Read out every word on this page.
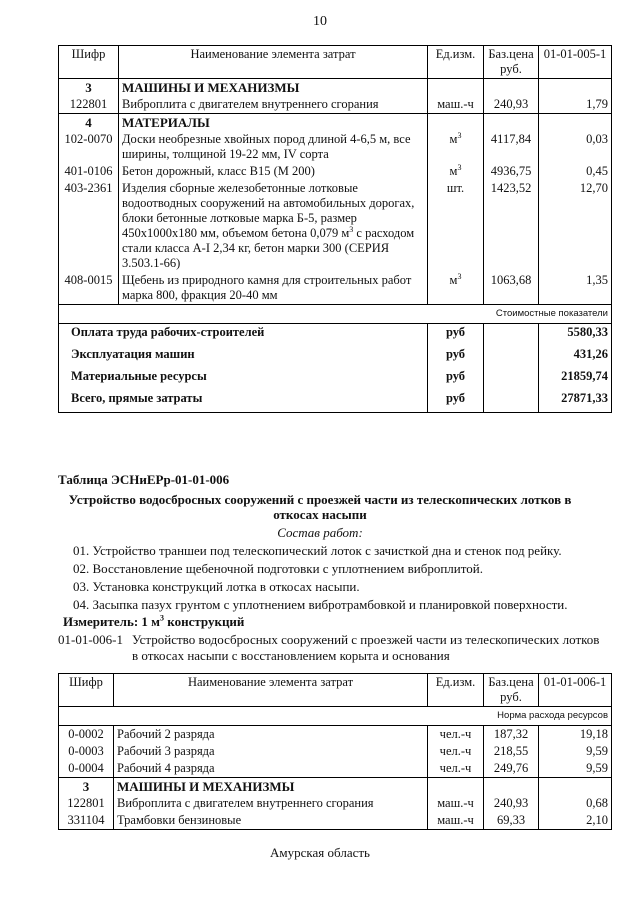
10
Шифр	Наименование элемента затрат	Ед.изм.	Баз.цена руб.	01-01-005-1
3	МАШИНЫ И МЕХАНИЗМЫ			
122801	Виброплита с двигателем внутреннего сгорания	маш.-ч	240,93	1,79
4	МАТЕРИАЛЫ			
102-0070	Доски необрезные хвойных пород длиной 4-6,5 м, все ширины, толщиной 19-22 мм, IV сорта	$м^3$	4117,84	0,03
401-0106	Бетон дорожный, класс В15 (М 200)	$м^3$	4936,75	0,45
403-2361	Изделия сборные железобетонные лотковые водоотводных сооружений на автомобильных дорогах, блоки бетонные лотковые марка Б-5, размер 450x1000x180 мм, объемом бетона 0,079 $м^3$ с расходом стали класса А-I 2,34 кг, бетон марки 300 (СЕРИЯ 3.503.1-66)	шт.	1423,52	12,70
408-0015	Щебень из природного камня для строительных работ марка 800, фракция 20-40 мм	$м^3$	1063,68	1,35
Стоимостные показатели				
Оплата труда рабочих-строителей		руб		5580,33
Эксплуатация машин		руб		431,26
Материальные ресурсы		руб		21859,74
Всего, прямые затраты		руб		27871,33
Таблица ЭСНиЕРр-01-01-006
Устройство водосбросных сооружений с проезжей части из телескопических лотков в
откосах насыпи
Состав работ:
01. Устройство траншеи под телескопический лоток с зачисткой дна и стенок под рейку.
02. Восстановление щебеночной подготовки с уплотнением виброплитой.
03. Установка конструкций лотка в откосах насыпи.
04. Засыпка пазух грунтом с уплотнением вибротрамбовкой и планировкой поверхности.
Измеритель: 1 $м^3$ конструкций
01-01-006-1 Устройство водосбросных сооружений с проезжей части из телескопических лотков
в откосах насыпи с восстановлением корыта и основания
Шифр	Наименование элемента затрат	Ед.изм.	Баз.цена руб.	01-01-006-1
Норма расхода ресурсов				
0-0002	Рабочий 2 разряда	чел.-ч	187,32	19,18
0-0003	Рабочий 3 разряда	чел.-ч	218,55	9,59
0-0004	Рабочий 4 разряда	чел.-ч	249,76	9,59
3	МАШИНЫ И МЕХАНИЗМЫ			
122801	Виброплита с двигателем внутреннего сгорания	маш.-ч	240,93	0,68
331104	Трамбовки бензиновые	маш.-ч	69,33	2,10
Амурская область
